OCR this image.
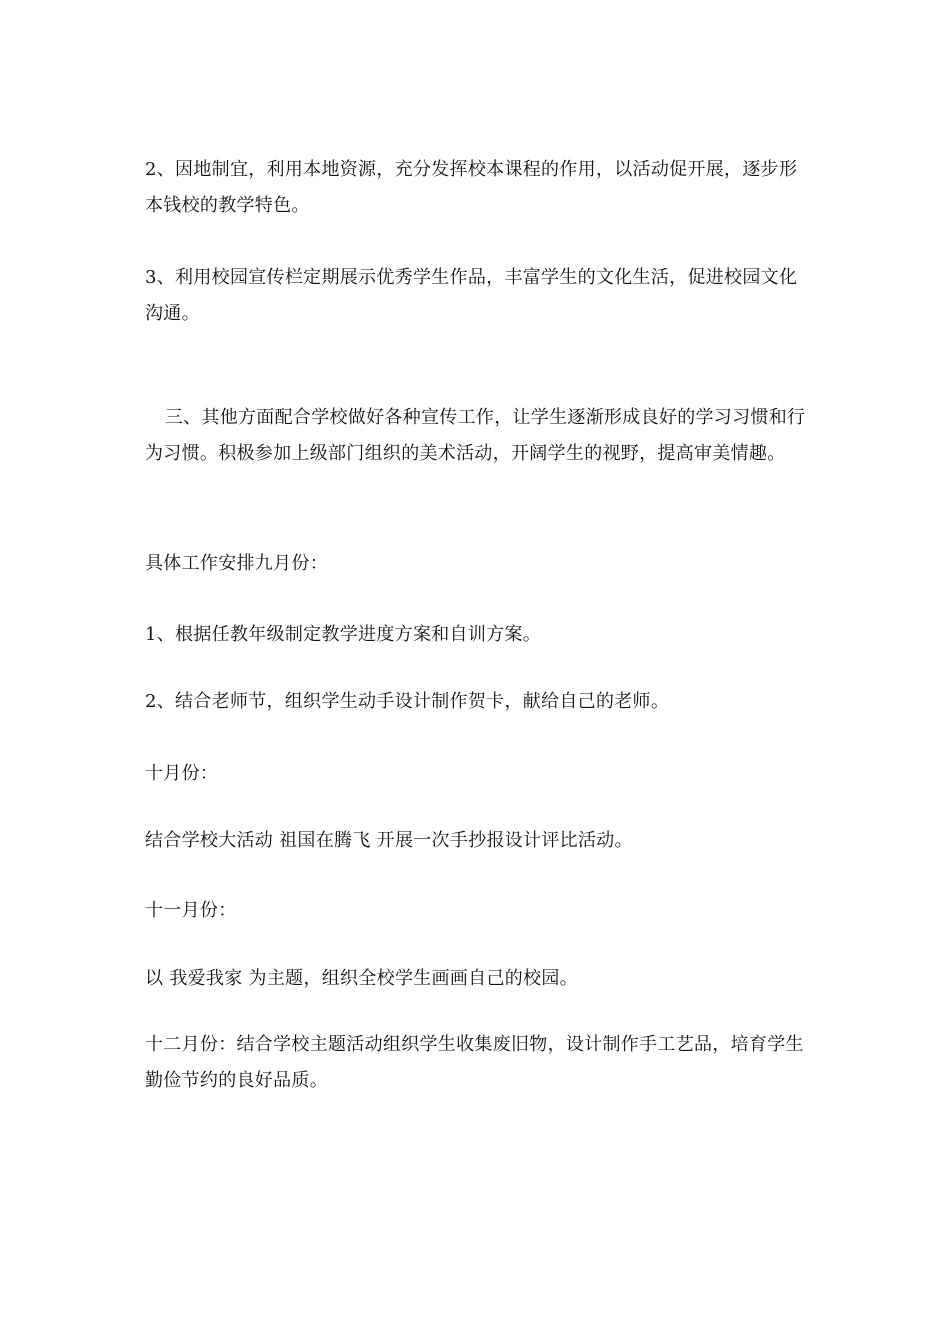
2、因地制宜，利用本地资源，充分发挥校本课程的作用，以活动促开展，逐步形本钱校的教学特色。

3、利用校园宣传栏定期展示优秀学生作品，丰富学生的文化生活，促进校园文化沟通。

三、其他方面配合学校做好各种宣传工作，让学生逐渐形成良好的学习习惯和行为习惯。积极参加上级部门组织的美术活动，开阔学生的视野，提高审美情趣。

具体工作安排九月份：

1、根据任教年级制定教学进度方案和自训方案。

2、结合老师节，组织学生动手设计制作贺卡，献给自己的老师。

十月份：

结合学校大活动 祖国在腾飞 开展一次手抄报设计评比活动。

十一月份：

以 我爱我家 为主题，组织全校学生画画自己的校园。

十二月份：结合学校主题活动组织学生收集废旧物，设计制作手工艺品，培育学生勤俭节约的良好品质。
